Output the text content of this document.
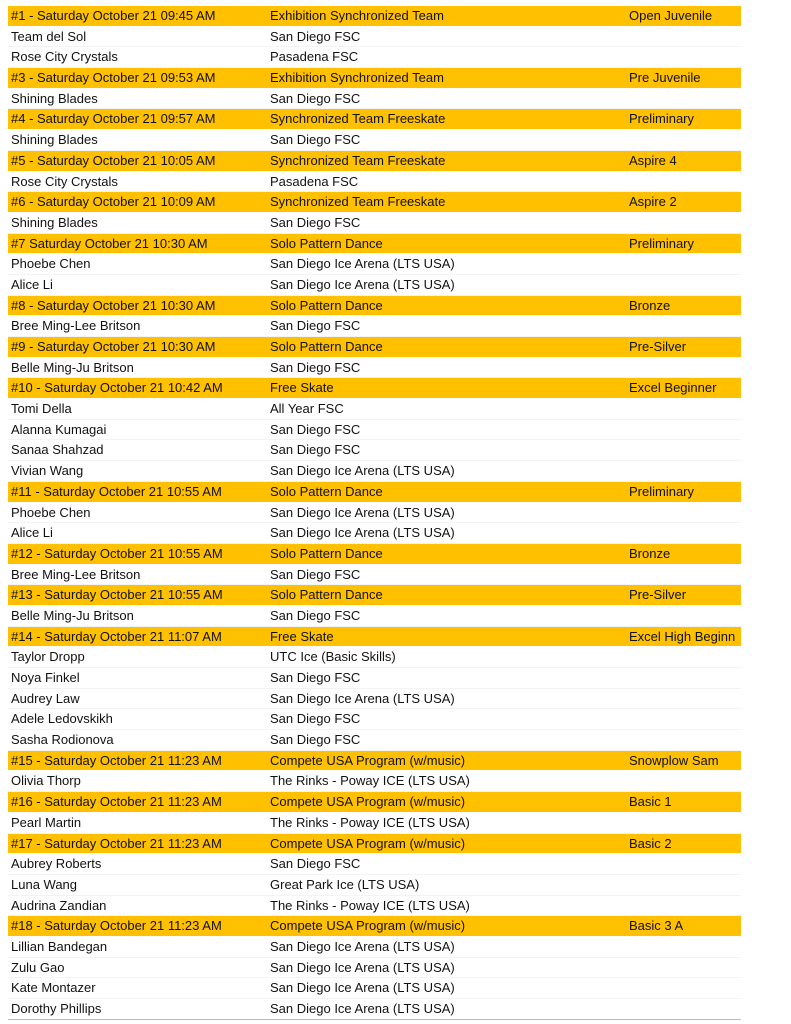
#1 - Saturday October 21 09:45 AM	Exhibition Synchronized Team	Open Juvenile
Team del Sol	San Diego FSC
Rose City Crystals	Pasadena FSC
#3 - Saturday October 21 09:53 AM	Exhibition Synchronized Team	Pre Juvenile
Shining Blades	San Diego FSC
#4 - Saturday October 21 09:57 AM	Synchronized Team Freeskate	Preliminary
Shining Blades	San Diego FSC
#5 - Saturday October 21 10:05 AM	Synchronized Team Freeskate	Aspire 4
Rose City Crystals	Pasadena FSC
#6 - Saturday October 21 10:09 AM	Synchronized Team Freeskate	Aspire 2
Shining Blades	San Diego FSC
#7 Saturday October 21 10:30 AM	Solo Pattern Dance	Preliminary
Phoebe Chen	San Diego Ice Arena (LTS USA)
Alice Li	San Diego Ice Arena (LTS USA)
#8 - Saturday October 21 10:30 AM	Solo Pattern Dance	Bronze
Bree Ming-Lee Britson	San Diego FSC
#9 - Saturday October 21 10:30 AM	Solo Pattern Dance	Pre-Silver
Belle Ming-Ju Britson	San Diego FSC
#10 - Saturday October 21 10:42 AM	Free Skate	Excel Beginner
Tomi Della	All Year FSC
Alanna Kumagai	San Diego FSC
Sanaa Shahzad	San Diego FSC
Vivian Wang	San Diego Ice Arena (LTS USA)
#11 - Saturday October 21 10:55 AM	Solo Pattern Dance	Preliminary
Phoebe Chen	San Diego Ice Arena (LTS USA)
Alice Li	San Diego Ice Arena (LTS USA)
#12 - Saturday October 21 10:55 AM	Solo Pattern Dance	Bronze
Bree Ming-Lee Britson	San Diego FSC
#13 - Saturday October 21 10:55 AM	Solo Pattern Dance	Pre-Silver
Belle Ming-Ju Britson	San Diego FSC
#14 - Saturday October 21 11:07 AM	Free Skate	Excel High Beginn
Taylor Dropp	UTC Ice (Basic Skills)
Noya Finkel	San Diego FSC
Audrey Law	San Diego Ice Arena (LTS USA)
Adele Ledovskikh	San Diego FSC
Sasha Rodionova	San Diego FSC
#15 - Saturday October 21 11:23 AM	Compete USA Program (w/music)	Snowplow Sam
Olivia Thorp	The Rinks - Poway ICE (LTS USA)
#16 - Saturday October 21 11:23 AM	Compete USA Program (w/music)	Basic 1
Pearl Martin	The Rinks - Poway ICE (LTS USA)
#17 - Saturday October 21 11:23 AM	Compete USA Program (w/music)	Basic 2
Aubrey Roberts	San Diego FSC
Luna Wang	Great Park Ice (LTS USA)
Audrina Zandian	The Rinks - Poway ICE (LTS USA)
#18 - Saturday October 21 11:23 AM	Compete USA Program (w/music)	Basic 3 A
Lillian Bandegan	San Diego Ice Arena (LTS USA)
Zulu Gao	San Diego Ice Arena (LTS USA)
Kate Montazer	San Diego Ice Arena (LTS USA)
Dorothy Phillips	San Diego Ice Arena (LTS USA)
